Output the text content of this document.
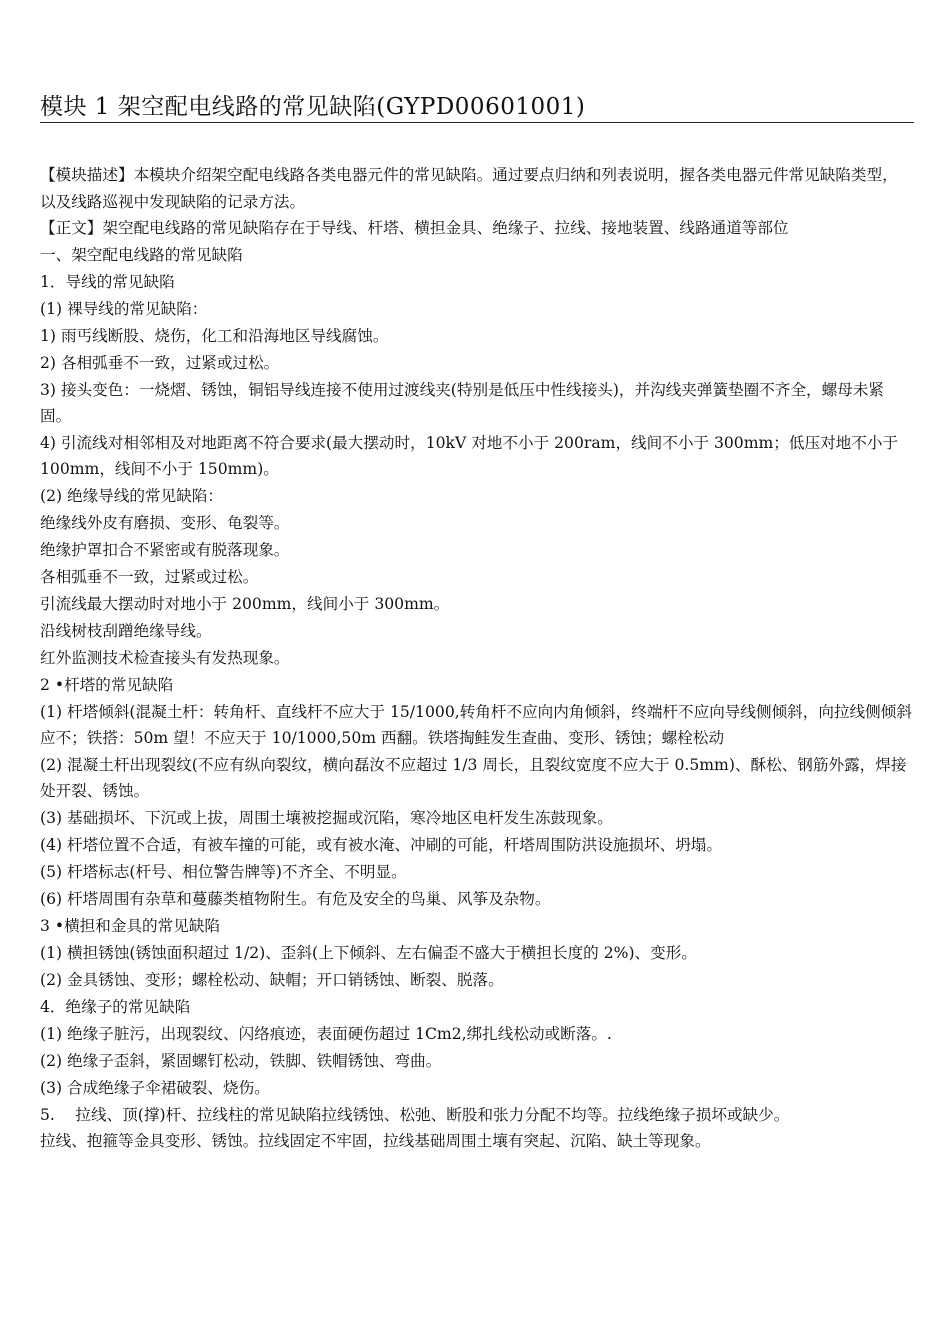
模块 1 架空配电线路的常见缺陷(GYPD00601001)
【模块描述】本模块介绍架空配电线路各类电器元件的常见缺陷。通过要点归纳和列表说明，握各类电器元件常见缺陷类型，以及线路巡视中发现缺陷的记录方法。
【正文】架空配电线路的常见缺陷存在于导线、杆塔、横担金具、绝缘子、拉线、接地装置、线路通道等部位
一、架空配电线路的常见缺陷
1．导线的常见缺陷
(1) 裸导线的常见缺陷：
1) 雨丐线断股、烧伤，化工和沿海地区导线腐蚀。
2) 各相弧垂不一致，过紧或过松。
3) 接头变色：一烧熠、锈蚀，铜铝导线连接不使用过渡线夹(特别是低压中性线接头)，并沟线夹弹簧垫圈不齐全，螺母未紧固。
4) 引流线对相邻相及对地距离不符合要求(最大摆动时，10kV 对地不小于 200ram，线间不小于 300mm；低压对地不小于 100mm，线间不小于 150mm)。
(2) 绝缘导线的常见缺陷：
绝缘线外皮有磨损、变形、龟裂等。
绝缘护罩扣合不紧密或有脱落现象。
各相弧垂不一致，过紧或过松。
引流线最大摆动时对地小于 200mm，线间小于 300mm。
沿线树枝刮蹭绝缘导线。
红外监测技术检查接头有发热现象。
2 •杆塔的常见缺陷
(1) 杆塔倾斜(混凝土杆：转角杆、直线杆不应大于 15/1000,转角杆不应向内角倾斜，终端杆不应向导线侧倾斜，向拉线侧倾斜应不；铁搭：50m 望！不应天于 10/1000,50m 西翻。铁塔掏鲑发生查曲、变形、锈蚀；螺栓松动
(2) 混凝土杆出现裂纹(不应有纵向裂纹，横向磊汝不应超过 1/3 周长，且裂纹宽度不应大于 0.5mm)、酥松、钢筋外露，焊接处开裂、锈蚀。
(3) 基础损坏、下沉或上拔，周围土壤被挖掘或沉陷，寒冷地区电杆发生冻鼓现象。
(4) 杆塔位置不合适，有被车撞的可能，或有被水淹、冲刷的可能，杆塔周围防洪设施损坏、坍塌。
(5) 杆塔标志(杆号、相位警告牌等)不齐全、不明显。
(6) 杆塔周围有杂草和蔓藤类植物附生。有危及安全的鸟巢、风筝及杂物。
3 •横担和金具的常见缺陷
(1) 横担锈蚀(锈蚀面积超过 1/2)、歪斜(上下倾斜、左右偏歪不盛大于横担长度的 2%)、变形。
(2) 金具锈蚀、变形；螺栓松动、缺帽；开口销锈蚀、断裂、脱落。
4．绝缘子的常见缺陷
(1) 绝缘子脏污，出现裂纹、闪络痕迹，表面硬伤超过 1Cm2,绑扎线松动或断落。.
(2) 绝缘子歪斜，紧固螺钉松动，铁脚、铁帽锈蚀、弯曲。
(3) 合成绝缘子伞裙破裂、烧伤。
5.　 拉线、顶(撑)杆、拉线柱的常见缺陷拉线锈蚀、松弛、断股和张力分配不均等。拉线绝缘子损坏或缺少。
拉线、抱箍等金具变形、锈蚀。拉线固定不牢固，拉线基础周围土壤有突起、沉陷、缺土等现象。
